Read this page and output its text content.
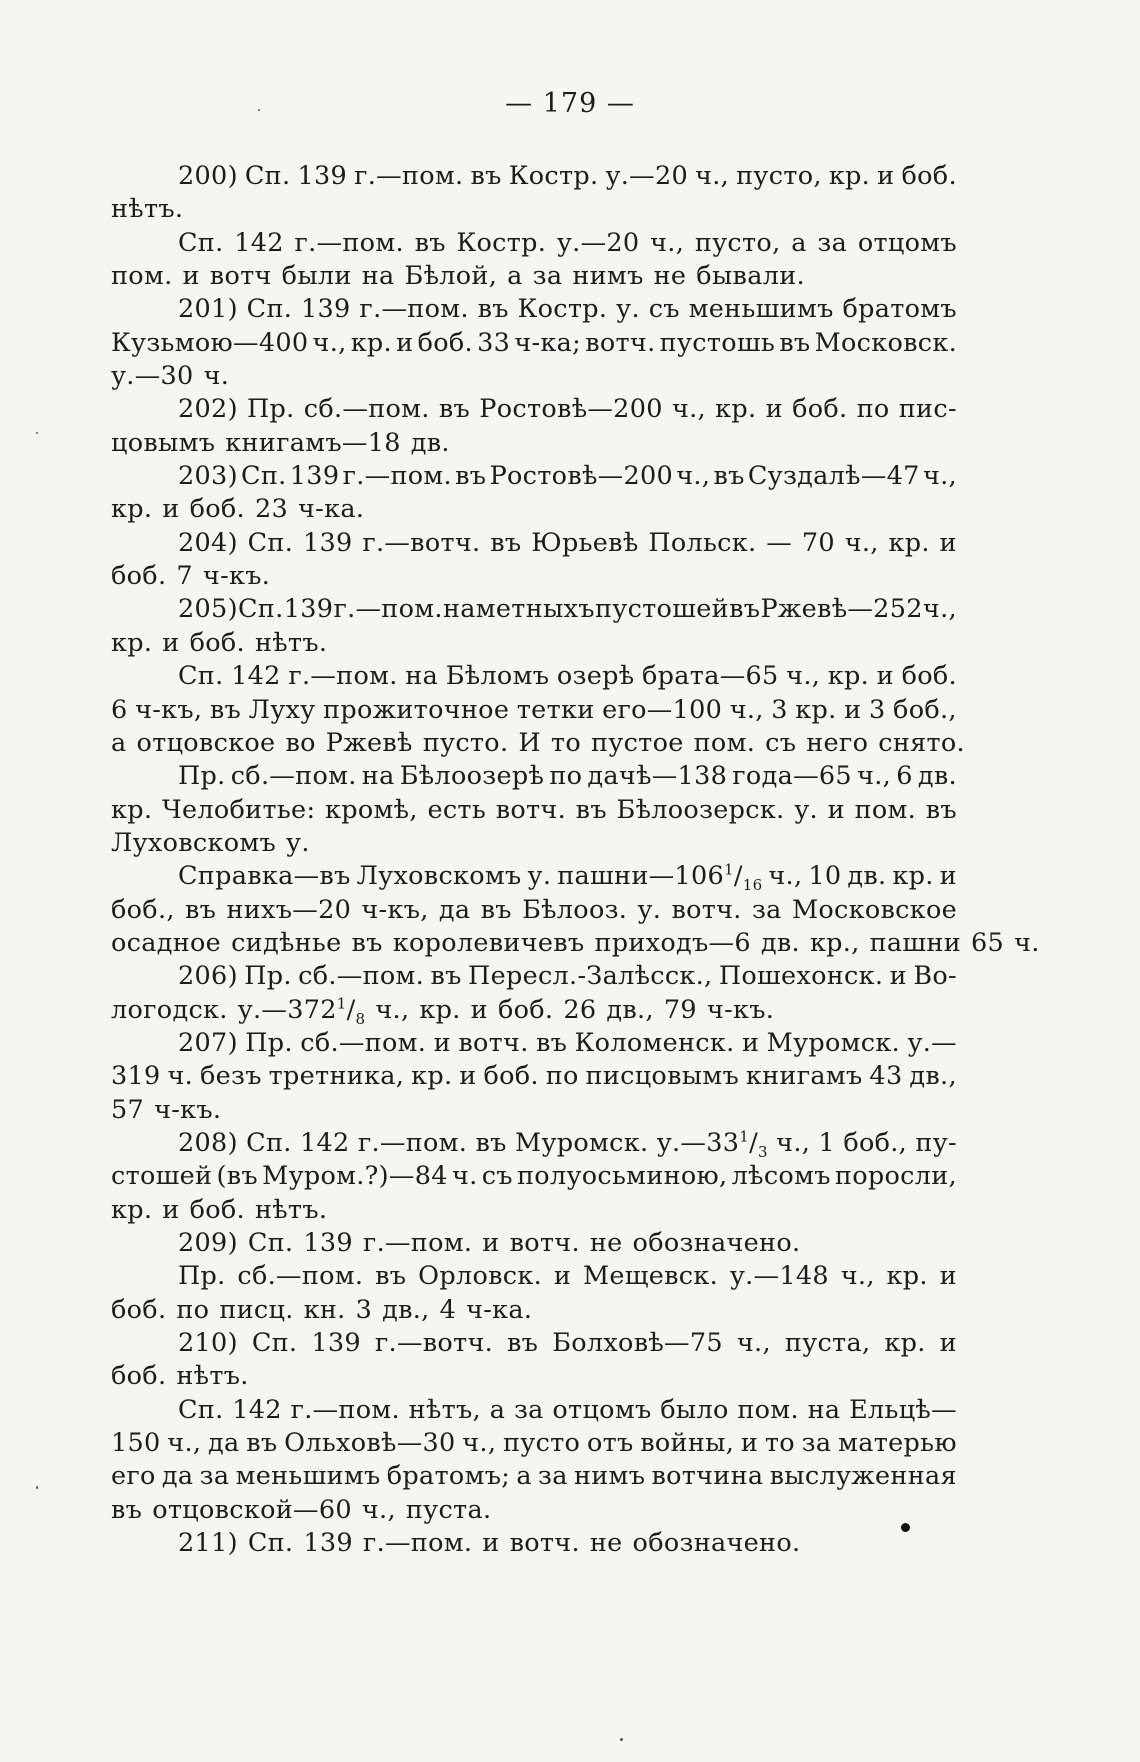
— 179 —
200) Сп. 139 г.—пом. въ Костр. у.—20 ч., пусто, кр. и боб.
нѣтъ.
Сп. 142 г.—пом. въ Костр. у.—20 ч., пусто, а за отцомъ
пом. и вотч были на Бѣлой, а за нимъ не бывали.
201) Сп. 139 г.—пом. въ Костр. у. съ меньшимъ братомъ
Кузьмою—400 ч., кр. и боб. 33 ч-ка; вотч. пустошь въ Московск.
у.—30 ч.
202) Пр. сб.—пом. въ Ростовѣ—200 ч., кр. и боб. по пис-
цовымъ книгамъ—18 дв.
203) Сп. 139 г.—пом. въ Ростовѣ—200 ч., въ Суздалѣ—47 ч.,
кр. и боб. 23 ч-ка.
204) Сп. 139 г.—вотч. въ Юрьевѣ Польск. — 70 ч., кр. и
боб. 7 ч-къ.
205) Сп. 139 г.—пом. наметныхъ пустошей въ Ржевѣ—252 ч.,
кр. и боб. нѣтъ.
Сп. 142 г.—пом. на Бѣломъ озерѣ брата—65 ч., кр. и боб.
6 ч-къ, въ Луху прожиточное тетки его—100 ч., 3 кр. и 3 боб.,
а отцовское во Ржевѣ пусто. И то пустое пом. съ него снято.
Пр. сб.—пом. на Бѣлоозерѣ по дачѣ—138 года—65 ч., 6 дв.
кр. Челобитье: кромѣ, есть вотч. въ Бѣлоозерск. у. и пом. въ
Луховскомъ у.
Справка—въ Луховскомъ у. $пашни—106^1/_{16}$ ч., 10 дв. кр. и
боб., въ нихъ—20 ч-къ, да въ Бѣлооз. у. вотч. за Московское
осадное сидѣнье въ королевичевъ приходъ—6 дв. кр., пашни 65 ч.
206) Пр. сб.—пом. въ Пересл.-Залѣсск., Пошехонск. и Во-
логодск. $у.—372^1/_8$ ч., кр. и боб. 26 дв., 79 ч-къ.
207) Пр. сб.—пом. и вотч. въ Коломенск. и Муромск. у.—
319 ч. безъ третника, кр. и боб. по писцовымъ книгамъ 43 дв.,
57 ч-къ.
208) Сп. 142 г.—пом. въ Муромск. $у.—33^1/_3$ ч., 1 боб., пу-
стошей (въ Муром.?)—84 ч. съ полуосьминою, лѣсомъ поросли,
кр. и боб. нѣтъ.
209) Сп. 139 г.—пом. и вотч. не обозначено.
Пр. сб.—пом. въ Орловск. и Мещевск. у.—148 ч., кр. и
боб. по писц. кн. 3 дв., 4 ч-ка.
210) Сп. 139 г.—вотч. въ Болховѣ—75 ч., пуста, кр. и
боб. нѣтъ.
Сп. 142 г.—пом. нѣтъ, а за отцомъ было пом. на Ельцѣ—
150 ч., да въ Ольховѣ—30 ч., пусто отъ войны, и то за матерью
его да за меньшимъ братомъ; а за нимъ вотчина выслуженная
въ отцовской—60 ч., пуста.
211) Сп. 139 г.—пом. и вотч. не обозначено.
